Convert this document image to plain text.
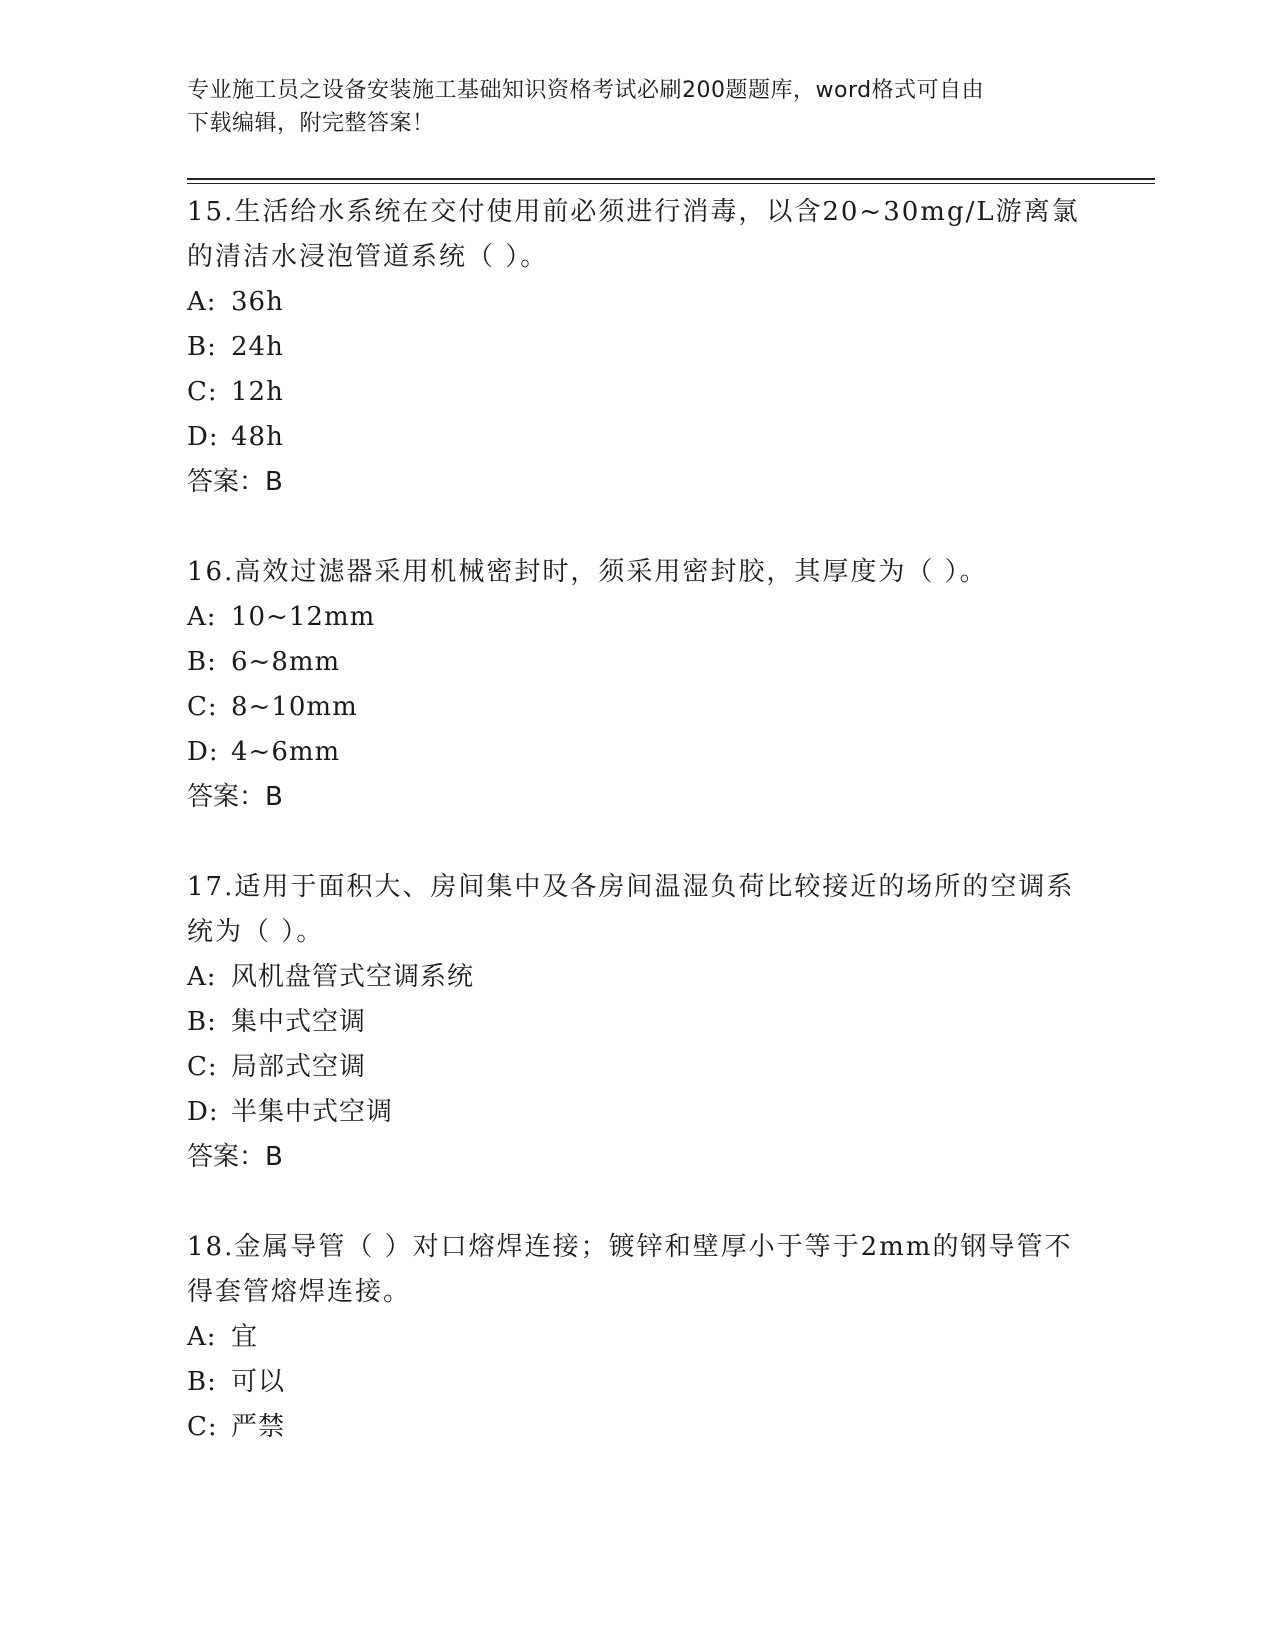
专业施工员之设备安装施工基础知识资格考试必刷200题题库，word格式可自由
下载编辑，附完整答案！

15.生活给水系统在交付使用前必须进行消毒，以含20~30mg/L游离氯的清洁水浸泡管道系统（ ）。

A: 36h

B: 24h

C: 12h

D: 48h

答案：B

16.高效过滤器采用机械密封时，须采用密封胶，其厚度为（ ）。

A: 10~12mm

B: 6~8mm

C: 8~10mm

D: 4~6mm

答案：B

17.适用于面积大、房间集中及各房间温湿负荷比较接近的场所的空调系统为（ ）。

A: 风机盘管式空调系统

B: 集中式空调

C: 局部式空调

D: 半集中式空调

答案：B

18.金属导管（ ）对口熔焊连接；镀锌和壁厚小于等于2mm的钢导管不得套管熔焊连接。

A: 宜

B: 可以

C: 严禁
